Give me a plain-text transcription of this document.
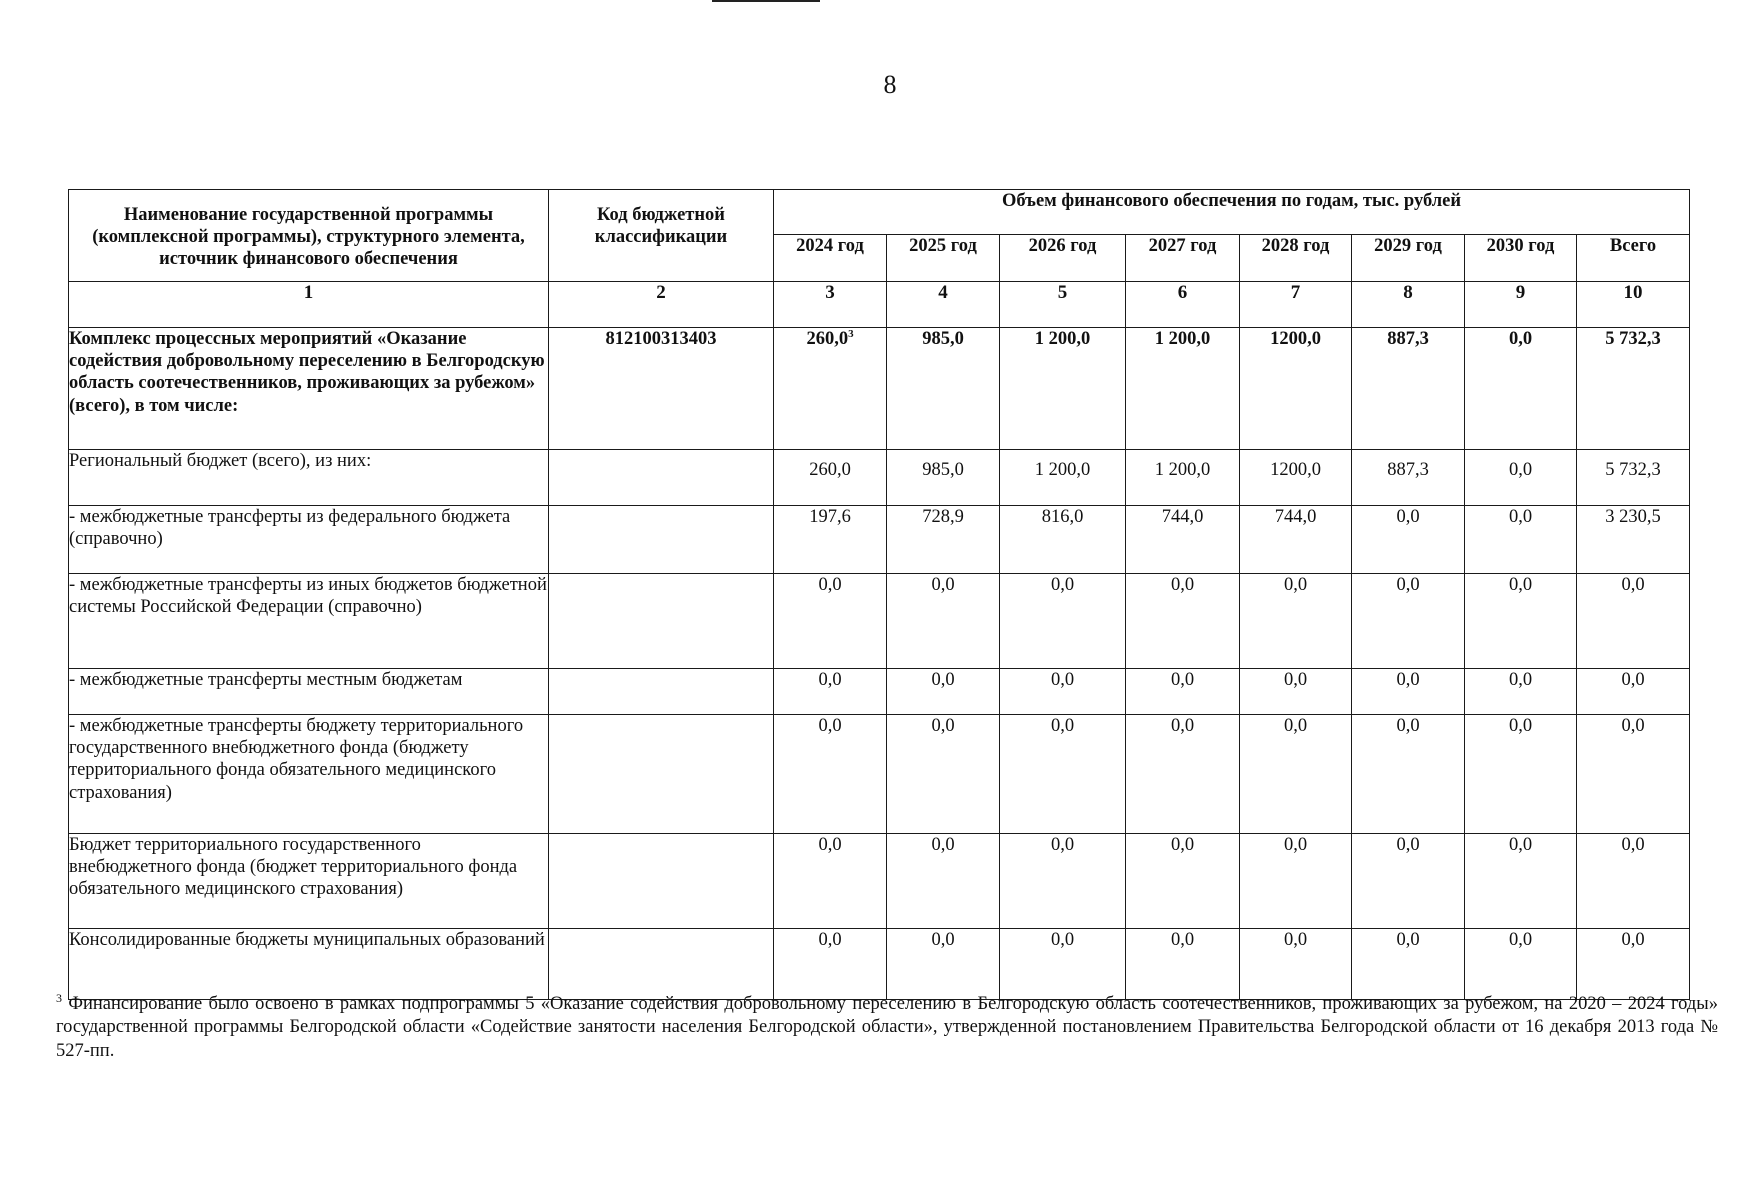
8
Наименование государственной программы (комплексной программы), структурного элемента, источник финансового обеспечения	Код бюджетной классификации	Объем финансового обеспечения по годам, тыс. рублей							
		2024 год	2025 год	2026 год	2027 год	2028 год	2029 год	2030 год	Всего
1	2	3	4	5	6	7	8	9	10
Комплекс процессных мероприятий «Оказание содействия добровольному переселению в Белгородскую область соотечественников, проживающих за рубежом» (всего), в том числе:	812100313403	260,0$^3$	985,0	1 200,0	1 200,0	1200,0	887,3	0,0	5 732,3
Региональный бюджет (всего), из них:		260,0	985,0	1 200,0	1 200,0	1200,0	887,3	0,0	5 732,3
- межбюджетные трансферты из федерального бюджета (справочно)		197,6	728,9	816,0	744,0	744,0	0,0	0,0	3 230,5
- межбюджетные трансферты из иных бюджетов бюджетной системы Российской Федерации (справочно)		0,0	0,0	0,0	0,0	0,0	0,0	0,0	0,0
- межбюджетные трансферты местным бюджетам		0,0	0,0	0,0	0,0	0,0	0,0	0,0	0,0
- межбюджетные трансферты бюджету территориального государственного внебюджетного фонда (бюджету территориального фонда обязательного медицинского страхования)		0,0	0,0	0,0	0,0	0,0	0,0	0,0	0,0
Бюджет территориального государственного внебюджетного фонда (бюджет территориального фонда обязательного медицинского страхования)		0,0	0,0	0,0	0,0	0,0	0,0	0,0	0,0
Консолидированные бюджеты муниципальных образований		0,0	0,0	0,0	0,0	0,0	0,0	0,0	0,0
$^3$ Финансирование было освоено в рамках подпрограммы 5 «Оказание содействия добровольному переселению в Белгородскую область соотечественников, проживающих за рубежом, на 2020 – 2024 годы» государственной программы Белгородской области «Содействие занятости населения Белгородской области», утвержденной постановлением Правительства Белгородской области от 16 декабря 2013 года № 527-пп.
